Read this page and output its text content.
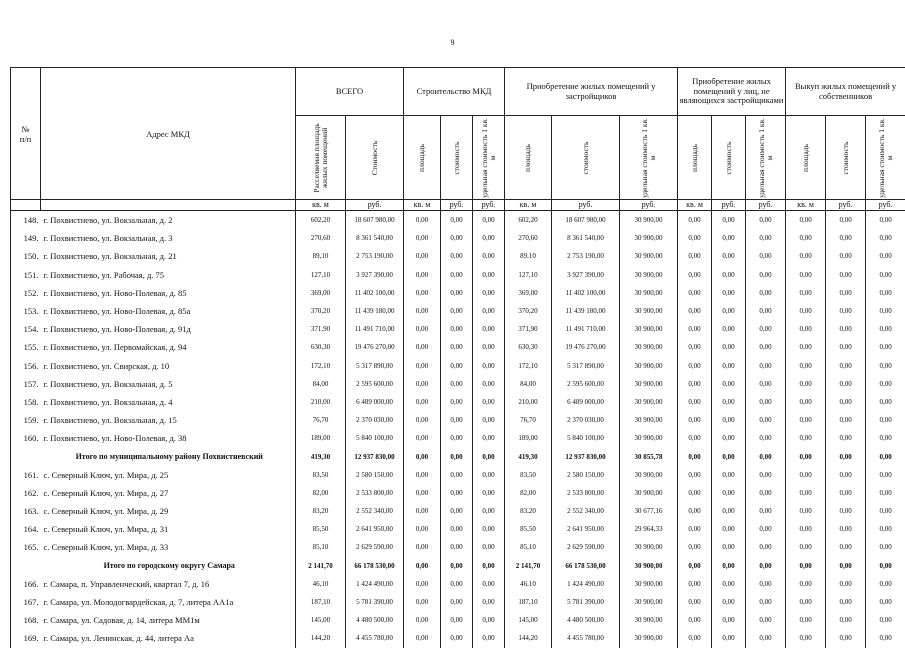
9
№
п/п	Адрес МКД	ВСЕГО		Строительство МКД			Приобретение жилых помещений у застройщиков			Приобретение жилых помещений у лиц, не являющихся застройщиками			Выкуп жилых помещений у собственников		

		Расселяемая площадь жилых помещений	Стоимость	площадь	стоимость	удельная стоимость 1 кв. м	площадь	стоимость	удельная стоимость 1 кв. м	площадь	стоимость	удельная стоимость 1 кв. м	площадь	стоимость	удельная стоимость 1 кв. м

		кв. м	руб.	кв. м	руб.	руб.	кв. м	руб.	руб.	кв. м	руб.	руб.	кв. м	руб.	руб.
148.	г. Похвистнево, ул. Вокзальная, д. 2	602,20	18 607 980,00	0,00	0,00	0,00	602,20	18 607 980,00	30 900,00	0,00	0,00	0,00	0,00	0,00	0,00
149.	г. Похвистнево, ул. Вокзальная, д. 3	270,60	8 361 540,00	0,00	0,00	0,00	270,60	8 361 540,00	30 900,00	0,00	0,00	0,00	0,00	0,00	0,00
150.	г. Похвистнево, ул. Вокзальная, д. 21	89,10	2 753 190,00	0,00	0,00	0,00	89,10	2 753 190,00	30 900,00	0,00	0,00	0,00	0,00	0,00	0,00
151.	г. Похвистнево, ул. Рабочая, д. 75	127,10	3 927 390,00	0,00	0,00	0,00	127,10	3 927 390,00	30 900,00	0,00	0,00	0,00	0,00	0,00	0,00
152.	г. Похвистнево, ул. Ново-Полевая, д. 85	369,00	11 402 100,00	0,00	0,00	0,00	369,00	11 402 100,00	30 900,00	0,00	0,00	0,00	0,00	0,00	0,00
153.	г. Похвистнево, ул. Ново-Полевая, д. 85а	370,20	11 439 180,00	0,00	0,00	0,00	370,20	11 439 180,00	30 900,00	0,00	0,00	0,00	0,00	0,00	0,00
154.	г. Похвистнево, ул. Ново-Полевая, д. 91д	371,90	11 491 710,00	0,00	0,00	0,00	371,90	11 491 710,00	30 900,00	0,00	0,00	0,00	0,00	0,00	0,00
155.	г. Похвистнево, ул. Первомайская, д. 94	630,30	19 476 270,00	0,00	0,00	0,00	630,30	19 476 270,00	30 900,00	0,00	0,00	0,00	0,00	0,00	0,00
156.	г. Похвистнево, ул. Свирская, д. 10	172,10	5 317 890,00	0,00	0,00	0,00	172,10	5 317 890,00	30 900,00	0,00	0,00	0,00	0,00	0,00	0,00
157.	г. Похвистнево, ул. Вокзальная, д. 5	84,00	2 595 600,00	0,00	0,00	0,00	84,00	2 595 600,00	30 900,00	0,00	0,00	0,00	0,00	0,00	0,00
158.	г. Похвистнево, ул. Вокзальная, д. 4	210,00	6 489 000,00	0,00	0,00	0,00	210,00	6 489 000,00	30 900,00	0,00	0,00	0,00	0,00	0,00	0,00
159.	г. Похвистнево, ул. Вокзальная, д. 15	76,70	2 370 030,00	0,00	0,00	0,00	76,70	2 370 030,00	30 900,00	0,00	0,00	0,00	0,00	0,00	0,00
160.	г. Похвистнево, ул. Ново-Полевая, д. 38	189,00	5 840 100,00	0,00	0,00	0,00	189,00	5 840 100,00	30 900,00	0,00	0,00	0,00	0,00	0,00	0,00
	Итого по муниципальному району Похвистневский	419,30	12 937 830,00	0,00	0,00	0,00	419,30	12 937 830,00	30 855,78	0,00	0,00	0,00	0,00	0,00	0,00
161.	с. Северный Ключ, ул. Мира, д. 25	83,50	2 580 150,00	0,00	0,00	0,00	83,50	2 580 150,00	30 900,00	0,00	0,00	0,00	0,00	0,00	0,00
162.	с. Северный Ключ, ул. Мира, д. 27	82,00	2 533 800,00	0,00	0,00	0,00	82,00	2 533 800,00	30 900,00	0,00	0,00	0,00	0,00	0,00	0,00
163.	с. Северный Ключ, ул. Мира, д. 29	83,20	2 552 340,00	0,00	0,00	0,00	83,20	2 552 340,00	30 677,16	0,00	0,00	0,00	0,00	0,00	0,00
164.	с. Северный Ключ, ул. Мира, д. 31	85,50	2 641 950,00	0,00	0,00	0,00	85,50	2 641 950,00	29 964,33	0,00	0,00	0,00	0,00	0,00	0,00
165.	с. Северный Ключ, ул. Мира, д. 33	85,10	2 629 590,00	0,00	0,00	0,00	85,10	2 629 590,00	30 900,00	0,00	0,00	0,00	0,00	0,00	0,00
	Итого по городскому округу Самара	2 141,70	66 178 530,00	0,00	0,00	0,00	2 141,70	66 178 530,00	30 900,00	0,00	0,00	0,00	0,00	0,00	0,00
166.	г. Самара, п. Управленческий, квартал 7, д. 16	46,10	1 424 490,00	0,00	0,00	0,00	46,10	1 424 490,00	30 900,00	0,00	0,00	0,00	0,00	0,00	0,00
167.	г. Самара, ул. Молодогвардейская, д. 7, литера АА1а	187,10	5 781 390,00	0,00	0,00	0,00	187,10	5 781 390,00	30 900,00	0,00	0,00	0,00	0,00	0,00	0,00
168.	г. Самара, ул. Садовая, д. 14, литера ММ1м	145,00	4 480 500,00	0,00	0,00	0,00	145,00	4 480 500,00	30 900,00	0,00	0,00	0,00	0,00	0,00	0,00
169.	г. Самара, ул. Ленинская, д. 44, литера Аа	144,20	4 455 780,00	0,00	0,00	0,00	144,20	4 455 780,00	30 900,00	0,00	0,00	0,00	0,00	0,00	0,00
